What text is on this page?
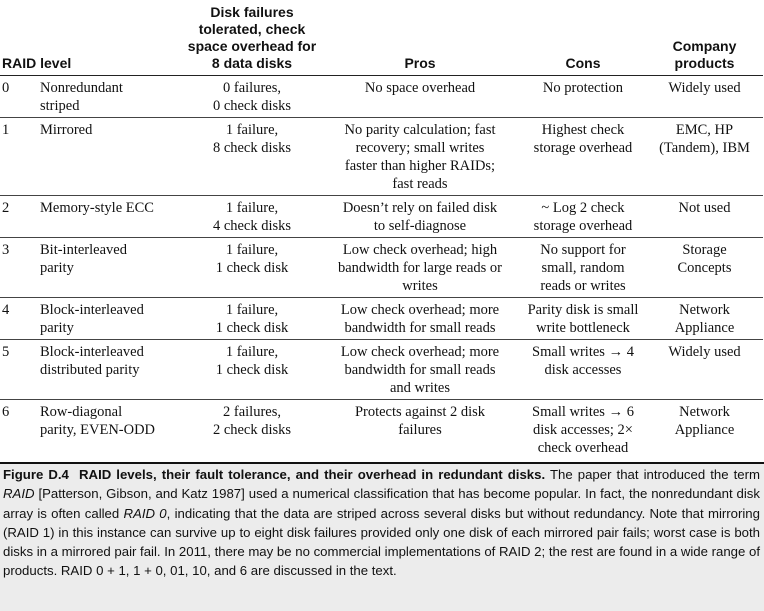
RAID level		Disk failures
tolerated, check
space overhead for
8 data disks	Pros	Cons	Company
products
0	Nonredundant
striped	0 failures,
0 check disks	No space overhead	No protection	Widely used
1	Mirrored	1 failure,
8 check disks	No parity calculation; fast
recovery; small writes
faster than higher RAIDs;
fast reads	Highest check
storage overhead	EMC, HP
(Tandem), IBM
2	Memory-style ECC	1 failure,
4 check disks	Doesn’t rely on failed disk
to self-diagnose	~ Log 2 check
storage overhead	Not used
3	Bit-interleaved
parity	1 failure,
1 check disk	Low check overhead; high
bandwidth for large reads or
writes	No support for
small, random
reads or writes	Storage
Concepts
4	Block-interleaved
parity	1 failure,
1 check disk	Low check overhead; more
bandwidth for small reads	Parity disk is small
write bottleneck	Network
Appliance
5	Block-interleaved
distributed parity	1 failure,
1 check disk	Low check overhead; more
bandwidth for small reads
and writes	Small writes → 4
disk accesses	Widely used
6	Row-diagonal
parity, EVEN-ODD	2 failures,
2 check disks	Protects against 2 disk
failures	Small writes → 6
disk accesses; 2×
check overhead	Network
Appliance

Figure D.4 RAID levels, their fault tolerance, and their overhead in redundant disks. The paper that introduced the term RAID [Patterson, Gibson, and Katz 1987] used a numerical classification that has become popular. In fact, the nonredundant disk array is often called RAID 0, indicating that the data are striped across several disks but without redundancy. Note that mirroring (RAID 1) in this instance can survive up to eight disk failures provided only one disk of each mirrored pair fails; worst case is both disks in a mirrored pair fail. In 2011, there may be no commercial implementations of RAID 2; the rest are found in a wide range of products. RAID 0 + 1, 1 + 0, 01, 10, and 6 are discussed in the text.
